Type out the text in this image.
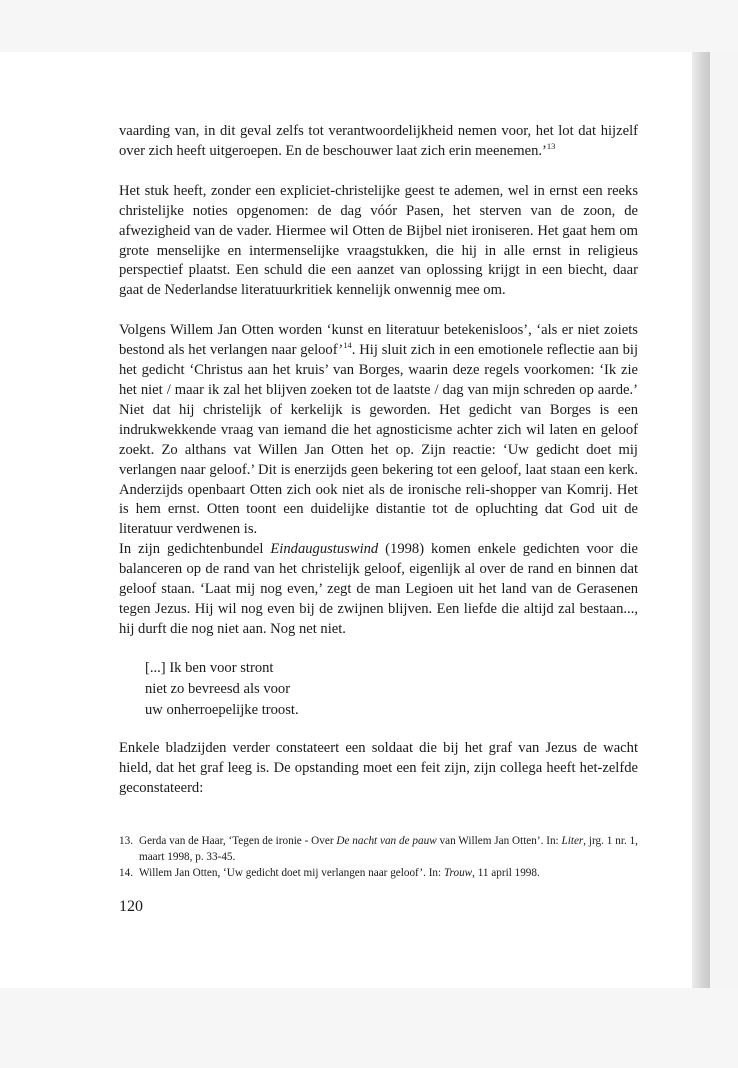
vaarding van, in dit geval zelfs tot verantwoordelijkheid nemen voor, het lot dat hijzelf over zich heeft uitgeroepen. En de beschouwer laat zich erin meenemen.’$^{13}$

Het stuk heeft, zonder een expliciet-christelijke geest te ademen, wel in ernst een reeks christelijke noties opgenomen: de dag vóór Pasen, het sterven van de zoon, de afwezigheid van de vader. Hiermee wil Otten de Bijbel niet ironiseren. Het gaat hem om grote menselijke en intermenselijke vraagstukken, die hij in alle ernst in religieus perspectief plaatst. Een schuld die een aanzet van oplossing krijgt in een biecht, daar gaat de Nederlandse literatuurkritiek kennelijk onwennig mee om.

Volgens Willem Jan Otten worden ‘kunst en literatuur betekenisloos’, ‘als er niet zoiets bestond als het verlangen naar geloof’$^{14}$. Hij sluit zich in een emotionele reflectie aan bij het gedicht ‘Christus aan het kruis’ van Borges, waarin deze regels voorkomen: ‘Ik zie het niet / maar ik zal het blijven zoeken tot de laatste / dag van mijn schreden op aarde.’ Niet dat hij christelijk of kerkelijk is geworden. Het gedicht van Borges is een indrukwekkende vraag van iemand die het agnosticisme achter zich wil laten en geloof zoekt. Zo althans vat Willen Jan Otten het op. Zijn reactie: ‘Uw gedicht doet mij verlangen naar geloof.’ Dit is enerzijds geen bekering tot een geloof, laat staan een kerk. Anderzijds openbaart Otten zich ook niet als de ironische reli-shopper van Komrij. Het is hem ernst. Otten toont een duidelijke distantie tot de opluchting dat God uit de literatuur verdwenen is.

In zijn gedichtenbundel Eindaugustuswind (1998) komen enkele gedichten voor die balanceren op de rand van het christelijk geloof, eigenlijk al over de rand en binnen dat geloof staan. ‘Laat mij nog even,’ zegt de man Legioen uit het land van de Gerasenen tegen Jezus. Hij wil nog even bij de zwijnen blijven. Een liefde die altijd zal bestaan..., hij durft die nog niet aan. Nog net niet.

[...] Ik ben voor stront
niet zo bevreesd als voor
uw onherroepelijke troost.

Enkele bladzijden verder constateert een soldaat die bij het graf van Jezus de wacht hield, dat het graf leeg is. De opstanding moet een feit zijn, zijn collega heeft het-zelfde geconstateerd:

13. Gerda van de Haar, ‘Tegen de ironie - Over De nacht van de pauw van Willem Jan Otten’. In: Liter, jrg. 1 nr. 1, maart 1998, p. 33-45.
14. Willem Jan Otten, ‘Uw gedicht doet mij verlangen naar geloof’. In: Trouw, 11 april 1998.
120
